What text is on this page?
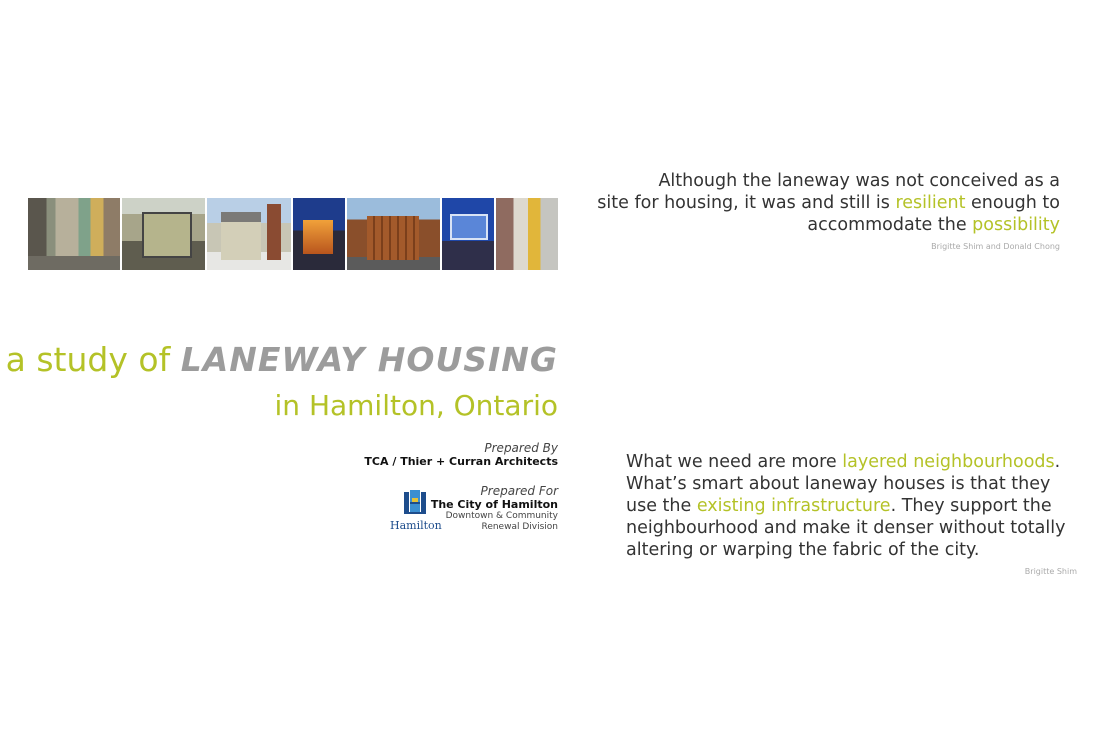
a study of LANEWAY HOUSING
in Hamilton, Ontario
Prepared By
TCA / Thier + Curran Architects
Prepared For
The City of Hamilton
Downtown & Community
Renewal Division
Hamilton
Although the laneway was not conceived as a
site for housing, it was and still is resilient enough to
accommodate the possibility
Brigitte Shim and Donald Chong
What we need are more layered neighbourhoods.
What’s smart about laneway houses is that they
use the existing infrastructure. They support the
neighbourhood and make it denser without totally
altering or warping the fabric of the city.
Brigitte Shim
